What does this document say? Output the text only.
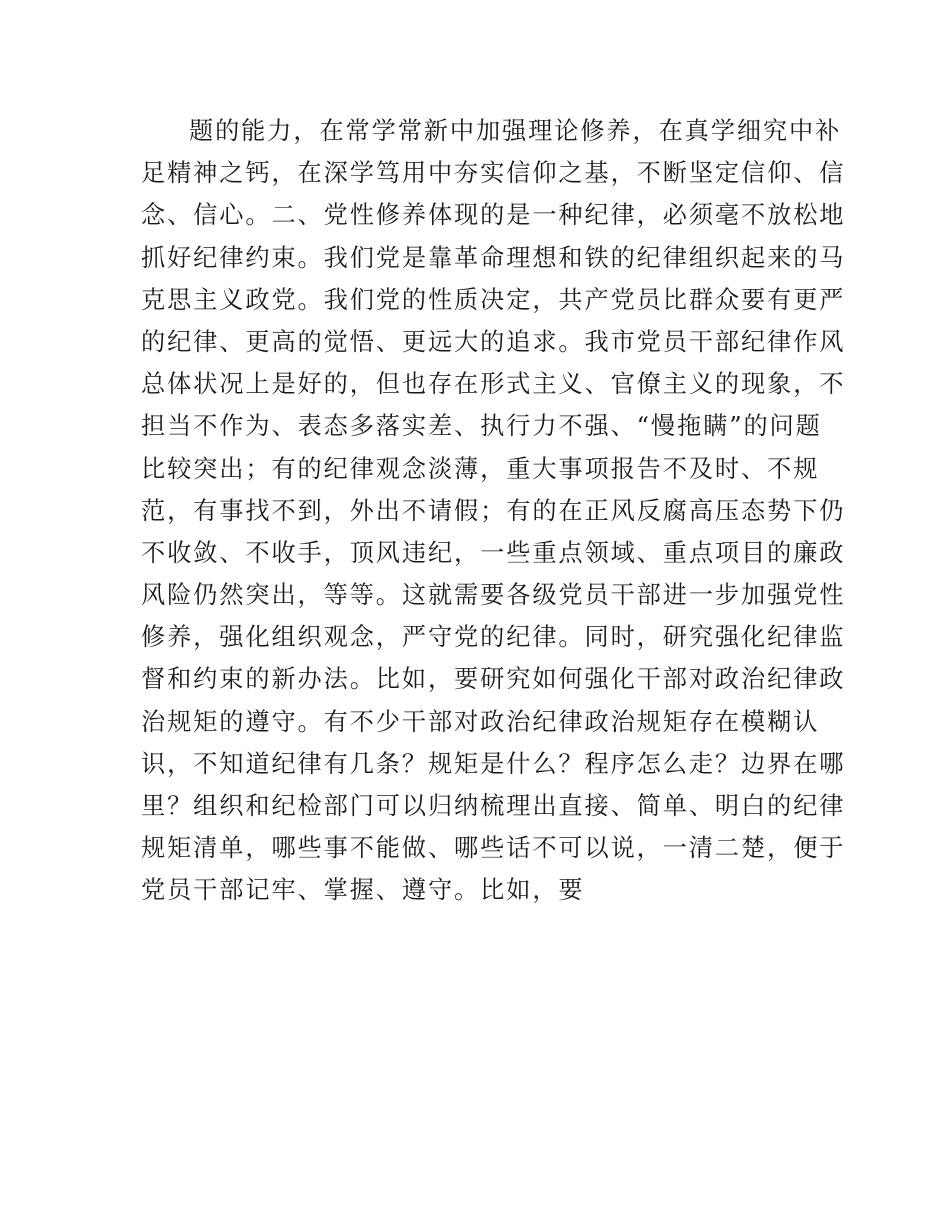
题的能力，在常学常新中加强理论修养，在真学细究中补
足精神之钙，在深学笃用中夯实信仰之基，不断坚定信仰、信
念、信心。二、党性修养体现的是一种纪律，必须毫不放松地
抓好纪律约束。我们党是靠革命理想和铁的纪律组织起来的马
克思主义政党。我们党的性质决定，共产党员比群众要有更严
的纪律、更高的觉悟、更远大的追求。我市党员干部纪律作风
总体状况上是好的，但也存在形式主义、官僚主义的现象，不
担当不作为、表态多落实差、执行力不强、“慢拖瞒”的问题
比较突出；有的纪律观念淡薄，重大事项报告不及时、不规
范，有事找不到，外出不请假；有的在正风反腐高压态势下仍
不收敛、不收手，顶风违纪，一些重点领域、重点项目的廉政
风险仍然突出，等等。这就需要各级党员干部进一步加强党性
修养，强化组织观念，严守党的纪律。同时，研究强化纪律监
督和约束的新办法。比如，要研究如何强化干部对政治纪律政
治规矩的遵守。有不少干部对政治纪律政治规矩存在模糊认
识，不知道纪律有几条？规矩是什么？程序怎么走？边界在哪
里？组织和纪检部门可以归纳梳理出直接、简单、明白的纪律
规矩清单，哪些事不能做、哪些话不可以说，一清二楚，便于
党员干部记牢、掌握、遵守。比如，要
